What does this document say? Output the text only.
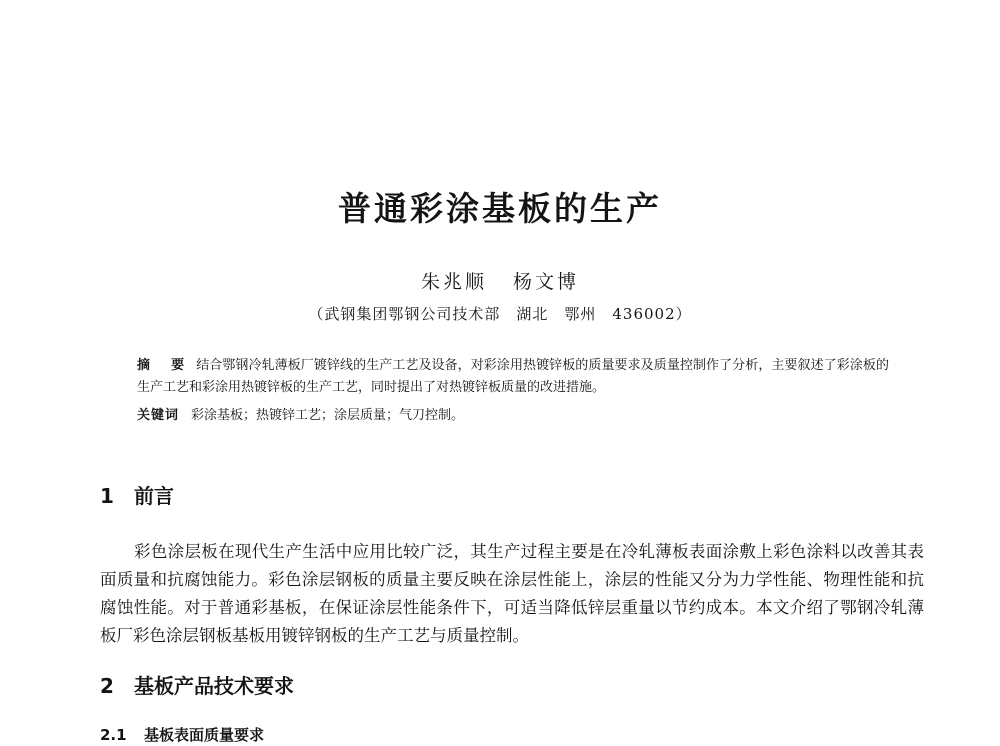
普通彩涂基板的生产
朱兆顺 杨文博
（武钢集团鄂钢公司技术部　湖北　鄂州　436002）
摘　要 结合鄂钢冷轧薄板厂镀锌线的生产工艺及设备，对彩涂用热镀锌板的质量要求及质量控制作了分析，主要叙述了彩涂板的生产工艺和彩涂用热镀锌板的生产工艺，同时提出了对热镀锌板质量的改进措施。
关键词 彩涂基板；热镀锌工艺；涂层质量；气刀控制。
1 前言
彩色涂层板在现代生产生活中应用比较广泛，其生产过程主要是在冷轧薄板表面涂敷上彩色涂料以改善其表面质量和抗腐蚀能力。彩色涂层钢板的质量主要反映在涂层性能上，涂层的性能又分为力学性能、物理性能和抗腐蚀性能。对于普通彩基板，在保证涂层性能条件下，可适当降低锌层重量以节约成本。本文介绍了鄂钢冷轧薄板厂彩色涂层钢板基板用镀锌钢板的生产工艺与质量控制。
2 基板产品技术要求
2.1 基板表面质量要求
